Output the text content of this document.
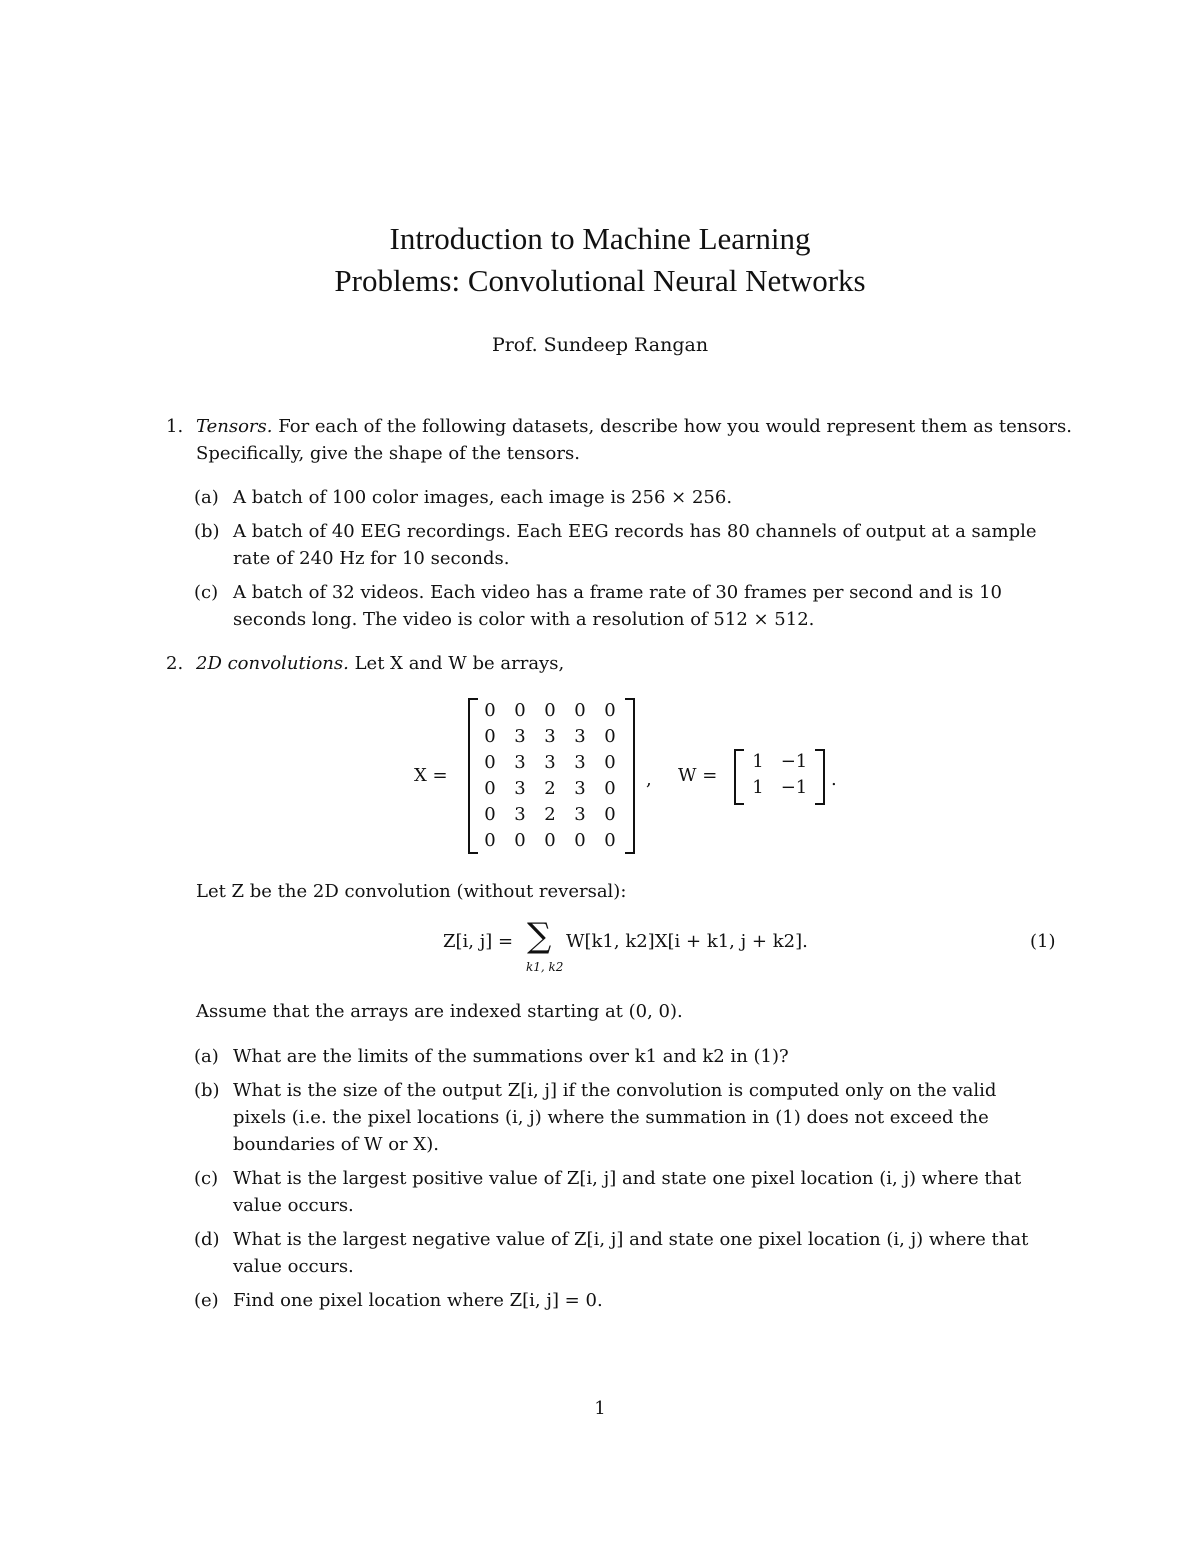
Introduction to Machine Learning
Problems: Convolutional Neural Networks
Prof. Sundeep Rangan
1. Tensors. For each of the following datasets, describe how you would represent them as tensors.
Specifically, give the shape of the tensors.
(a) A batch of 100 color images, each image is 256 × 256.
(b) A batch of 40 EEG recordings. Each EEG records has 80 channels of output at a sample
rate of 240 Hz for 10 seconds.
(c) A batch of 32 videos. Each video has a frame rate of 30 frames per second and is 10
seconds long. The video is color with a resolution of 512 × 512.
2. 2D convolutions. Let X and W be arrays,
X =
0	0	0	0	0
0	3	3	3	0
0	3	3	3	0
0	3	2	3	0
0	3	2	3	0
0	0	0	0	0
, W =
1 −1
1 −1 .
Let Z be the 2D convolution (without reversal):
Z[i, j] = ∑
k1, k2
W[k1, k2]X[i + k1, j + k2].	(1)
Assume that the arrays are indexed starting at (0, 0).
(a) What are the limits of the summations over k1 and k2 in (1)?
(b) What is the size of the output Z[i, j] if the convolution is computed only on the valid
pixels (i.e. the pixel locations (i, j) where the summation in (1) does not exceed the
boundaries of W or X).
(c) What is the largest positive value of Z[i, j] and state one pixel location (i, j) where that
value occurs.
(d) What is the largest negative value of Z[i, j] and state one pixel location (i, j) where that
value occurs.
(e) Find one pixel location where Z[i, j] = 0.
1
